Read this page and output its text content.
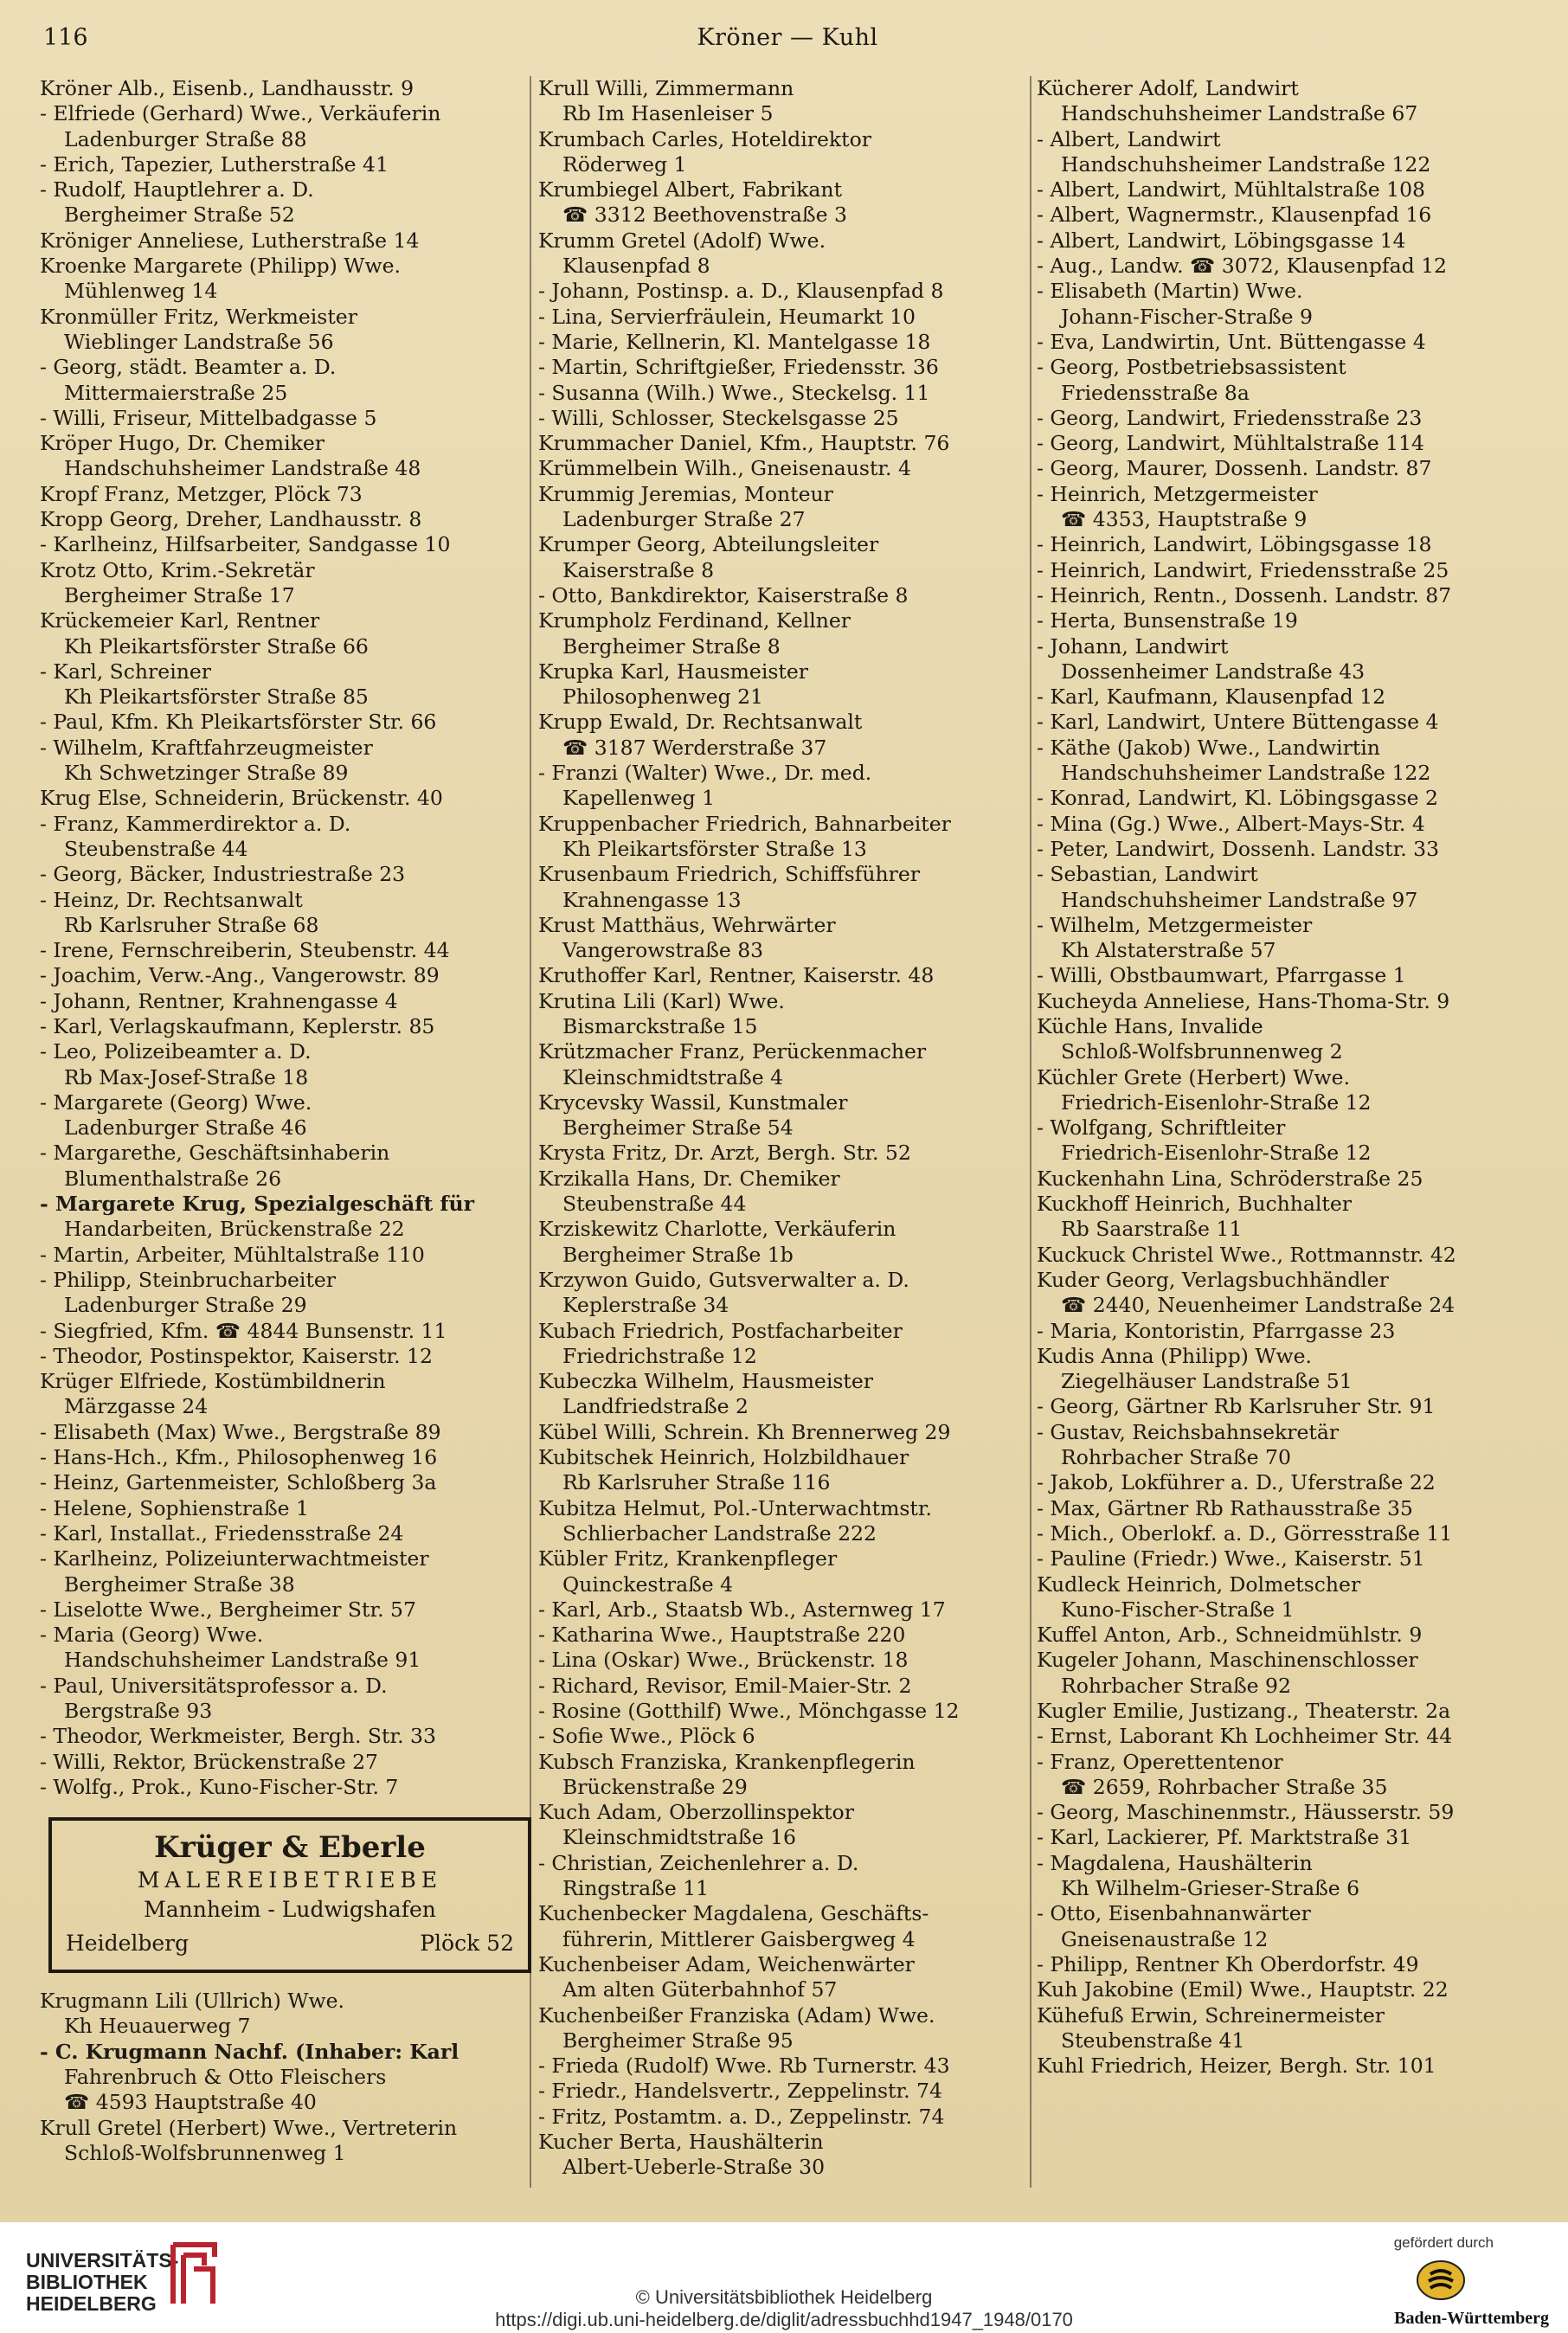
116	Kröner — Kuhl
Kröner Alb., Eisenb., Landhausstr. 9
- Elfriede (Gerhard) Wwe., Verkäuferin
Ladenburger Straße 88
- Erich, Tapezier, Lutherstraße 41
- Rudolf, Hauptlehrer a. D.
Bergheimer Straße 52
Kröniger Anneliese, Lutherstraße 14
Kroenke Margarete (Philipp) Wwe.
Mühlenweg 14
Kronmüller Fritz, Werkmeister
Wieblinger Landstraße 56
- Georg, städt. Beamter a. D.
Mittermaierstraße 25
- Willi, Friseur, Mittelbadgasse 5
Kröper Hugo, Dr. Chemiker
Handschuhsheimer Landstraße 48
Kropf Franz, Metzger, Plöck 73
Kropp Georg, Dreher, Landhausstr. 8
- Karlheinz, Hilfsarbeiter, Sandgasse 10
Krotz Otto, Krim.-Sekretär
Bergheimer Straße 17
Krückemeier Karl, Rentner
Kh Pleikartsförster Straße 66
- Karl, Schreiner
Kh Pleikartsförster Straße 85
- Paul, Kfm. Kh Pleikartsförster Str. 66
- Wilhelm, Kraftfahrzeugmeister
Kh Schwetzinger Straße 89
Krug Else, Schneiderin, Brückenstr. 40
- Franz, Kammerdirektor a. D.
Steubenstraße 44
- Georg, Bäcker, Industriestraße 23
- Heinz, Dr. Rechtsanwalt
Rb Karlsruher Straße 68
- Irene, Fernschreiberin, Steubenstr. 44
- Joachim, Verw.-Ang., Vangerowstr. 89
- Johann, Rentner, Krahnengasse 4
- Karl, Verlagskaufmann, Keplerstr. 85
- Leo, Polizeibeamter a. D.
Rb Max-Josef-Straße 18
- Margarete (Georg) Wwe.
Ladenburger Straße 46
- Margarethe, Geschäftsinhaberin
Blumenthalstraße 26
- Margarete Krug, Spezialgeschäft für
Handarbeiten, Brückenstraße 22
- Martin, Arbeiter, Mühltalstraße 110
- Philipp, Steinbrucharbeiter
Ladenburger Straße 29
- Siegfried, Kfm. ☎ 4844 Bunsenstr. 11
- Theodor, Postinspektor, Kaiserstr. 12
Krüger Elfriede, Kostümbildnerin
Märzgasse 24
- Elisabeth (Max) Wwe., Bergstraße 89
- Hans-Hch., Kfm., Philosophenweg 16
- Heinz, Gartenmeister, Schloßberg 3a
- Helene, Sophienstraße 1
- Karl, Installat., Friedensstraße 24
- Karlheinz, Polizeiunterwachtmeister
Bergheimer Straße 38
- Liselotte Wwe., Bergheimer Str. 57
- Maria (Georg) Wwe.
Handschuhsheimer Landstraße 91
- Paul, Universitätsprofessor a. D.
Bergstraße 93
- Theodor, Werkmeister, Bergh. Str. 33
- Willi, Rektor, Brückenstraße 27
- Wolfg., Prok., Kuno-Fischer-Str. 7
Krüger & Eberle
MALEREIBETRIEBE
Mannheim - Ludwigshafen
Heidelberg	Plöck 52
Krugmann Lili (Ullrich) Wwe.
Kh Heuauerweg 7
- C. Krugmann Nachf. (Inhaber: Karl
Fahrenbruch & Otto Fleischers
☎ 4593 Hauptstraße 40
Krull Gretel (Herbert) Wwe., Vertreterin
Schloß-Wolfsbrunnenweg 1
Krull Willi, Zimmermann
Rb Im Hasenleiser 5
Krumbach Carles, Hoteldirektor
Röderweg 1
Krumbiegel Albert, Fabrikant
☎ 3312 Beethovenstraße 3
Krumm Gretel (Adolf) Wwe.
Klausenpfad 8
- Johann, Postinsp. a. D., Klausenpfad 8
- Lina, Servierfräulein, Heumarkt 10
- Marie, Kellnerin, Kl. Mantelgasse 18
- Martin, Schriftgießer, Friedensstr. 36
- Susanna (Wilh.) Wwe., Steckelsg. 11
- Willi, Schlosser, Steckelsgasse 25
Krummacher Daniel, Kfm., Hauptstr. 76
Krümmelbein Wilh., Gneisenaustr. 4
Krummig Jeremias, Monteur
Ladenburger Straße 27
Krumper Georg, Abteilungsleiter
Kaiserstraße 8
- Otto, Bankdirektor, Kaiserstraße 8
Krumpholz Ferdinand, Kellner
Bergheimer Straße 8
Krupka Karl, Hausmeister
Philosophenweg 21
Krupp Ewald, Dr. Rechtsanwalt
☎ 3187 Werderstraße 37
- Franzi (Walter) Wwe., Dr. med.
Kapellenweg 1
Kruppenbacher Friedrich, Bahnarbeiter
Kh Pleikartsförster Straße 13
Krusenbaum Friedrich, Schiffsführer
Krahnengasse 13
Krust Matthäus, Wehrwärter
Vangerowstraße 83
Kruthoffer Karl, Rentner, Kaiserstr. 48
Krutina Lili (Karl) Wwe.
Bismarckstraße 15
Krützmacher Franz, Perückenmacher
Kleinschmidtstraße 4
Krycevsky Wassil, Kunstmaler
Bergheimer Straße 54
Krysta Fritz, Dr. Arzt, Bergh. Str. 52
Krzikalla Hans, Dr. Chemiker
Steubenstraße 44
Krziskewitz Charlotte, Verkäuferin
Bergheimer Straße 1b
Krzywon Guido, Gutsverwalter a. D.
Keplerstraße 34
Kubach Friedrich, Postfacharbeiter
Friedrichstraße 12
Kubeczka Wilhelm, Hausmeister
Landfriedstraße 2
Kübel Willi, Schrein. Kh Brennerweg 29
Kubitschek Heinrich, Holzbildhauer
Rb Karlsruher Straße 116
Kubitza Helmut, Pol.-Unterwachtmstr.
Schlierbacher Landstraße 222
Kübler Fritz, Krankenpfleger
Quinckestraße 4
- Karl, Arb., Staatsb Wb., Asternweg 17
- Katharina Wwe., Hauptstraße 220
- Lina (Oskar) Wwe., Brückenstr. 18
- Richard, Revisor, Emil-Maier-Str. 2
- Rosine (Gotthilf) Wwe., Mönchgasse 12
- Sofie Wwe., Plöck 6
Kubsch Franziska, Krankenpflegerin
Brückenstraße 29
Kuch Adam, Oberzollinspektor
Kleinschmidtstraße 16
- Christian, Zeichenlehrer a. D.
Ringstraße 11
Kuchenbecker Magdalena, Geschäfts-
führerin, Mittlerer Gaisbergweg 4
Kuchenbeiser Adam, Weichenwärter
Am alten Güterbahnhof 57
Kuchenbeißer Franziska (Adam) Wwe.
Bergheimer Straße 95
- Frieda (Rudolf) Wwe. Rb Turnerstr. 43
- Friedr., Handelsvertr., Zeppelinstr. 74
- Fritz, Postamtm. a. D., Zeppelinstr. 74
Kucher Berta, Haushälterin
Albert-Ueberle-Straße 30
Kücherer Adolf, Landwirt
Handschuhsheimer Landstraße 67
- Albert, Landwirt
Handschuhsheimer Landstraße 122
- Albert, Landwirt, Mühltalstraße 108
- Albert, Wagnermstr., Klausenpfad 16
- Albert, Landwirt, Löbingsgasse 14
- Aug., Landw. ☎ 3072, Klausenpfad 12
- Elisabeth (Martin) Wwe.
Johann-Fischer-Straße 9
- Eva, Landwirtin, Unt. Büttengasse 4
- Georg, Postbetriebsassistent
Friedensstraße 8a
- Georg, Landwirt, Friedensstraße 23
- Georg, Landwirt, Mühltalstraße 114
- Georg, Maurer, Dossenh. Landstr. 87
- Heinrich, Metzgermeister
☎ 4353, Hauptstraße 9
- Heinrich, Landwirt, Löbingsgasse 18
- Heinrich, Landwirt, Friedensstraße 25
- Heinrich, Rentn., Dossenh. Landstr. 87
- Herta, Bunsenstraße 19
- Johann, Landwirt
Dossenheimer Landstraße 43
- Karl, Kaufmann, Klausenpfad 12
- Karl, Landwirt, Untere Büttengasse 4
- Käthe (Jakob) Wwe., Landwirtin
Handschuhsheimer Landstraße 122
- Konrad, Landwirt, Kl. Löbingsgasse 2
- Mina (Gg.) Wwe., Albert-Mays-Str. 4
- Peter, Landwirt, Dossenh. Landstr. 33
- Sebastian, Landwirt
Handschuhsheimer Landstraße 97
- Wilhelm, Metzgermeister
Kh Alstaterstraße 57
- Willi, Obstbaumwart, Pfarrgasse 1
Kucheyda Anneliese, Hans-Thoma-Str. 9
Küchle Hans, Invalide
Schloß-Wolfsbrunnenweg 2
Küchler Grete (Herbert) Wwe.
Friedrich-Eisenlohr-Straße 12
- Wolfgang, Schriftleiter
Friedrich-Eisenlohr-Straße 12
Kuckenhahn Lina, Schröderstraße 25
Kuckhoff Heinrich, Buchhalter
Rb Saarstraße 11
Kuckuck Christel Wwe., Rottmannstr. 42
Kuder Georg, Verlagsbuchhändler
☎ 2440, Neuenheimer Landstraße 24
- Maria, Kontoristin, Pfarrgasse 23
Kudis Anna (Philipp) Wwe.
Ziegelhäuser Landstraße 51
- Georg, Gärtner Rb Karlsruher Str. 91
- Gustav, Reichsbahnsekretär
Rohrbacher Straße 70
- Jakob, Lokführer a. D., Uferstraße 22
- Max, Gärtner Rb Rathausstraße 35
- Mich., Oberlokf. a. D., Görresstraße 11
- Pauline (Friedr.) Wwe., Kaiserstr. 51
Kudleck Heinrich, Dolmetscher
Kuno-Fischer-Straße 1
Kuffel Anton, Arb., Schneidmühlstr. 9
Kugeler Johann, Maschinenschlosser
Rohrbacher Straße 92
Kugler Emilie, Justizang., Theaterstr. 2a
- Ernst, Laborant Kh Lochheimer Str. 44
- Franz, Operettentenor
☎ 2659, Rohrbacher Straße 35
- Georg, Maschinenmstr., Häusserstr. 59
- Karl, Lackierer, Pf. Marktstraße 31
- Magdalena, Haushälterin
Kh Wilhelm-Grieser-Straße 6
- Otto, Eisenbahnanwärter
Gneisenaustraße 12
- Philipp, Rentner Kh Oberdorfstr. 49
Kuh Jakobine (Emil) Wwe., Hauptstr. 22
Kühefuß Erwin, Schreinermeister
Steubenstraße 41
Kuhl Friedrich, Heizer, Bergh. Str. 101
UNIVERSITÄTS-
BIBLIOTHEK
HEIDELBERG	© Universitätsbibliothek Heidelberg
https://digi.ub.uni-heidelberg.de/diglit/adressbuchhd1947_1948/0170
gefördert durch
Baden-Württemberg
